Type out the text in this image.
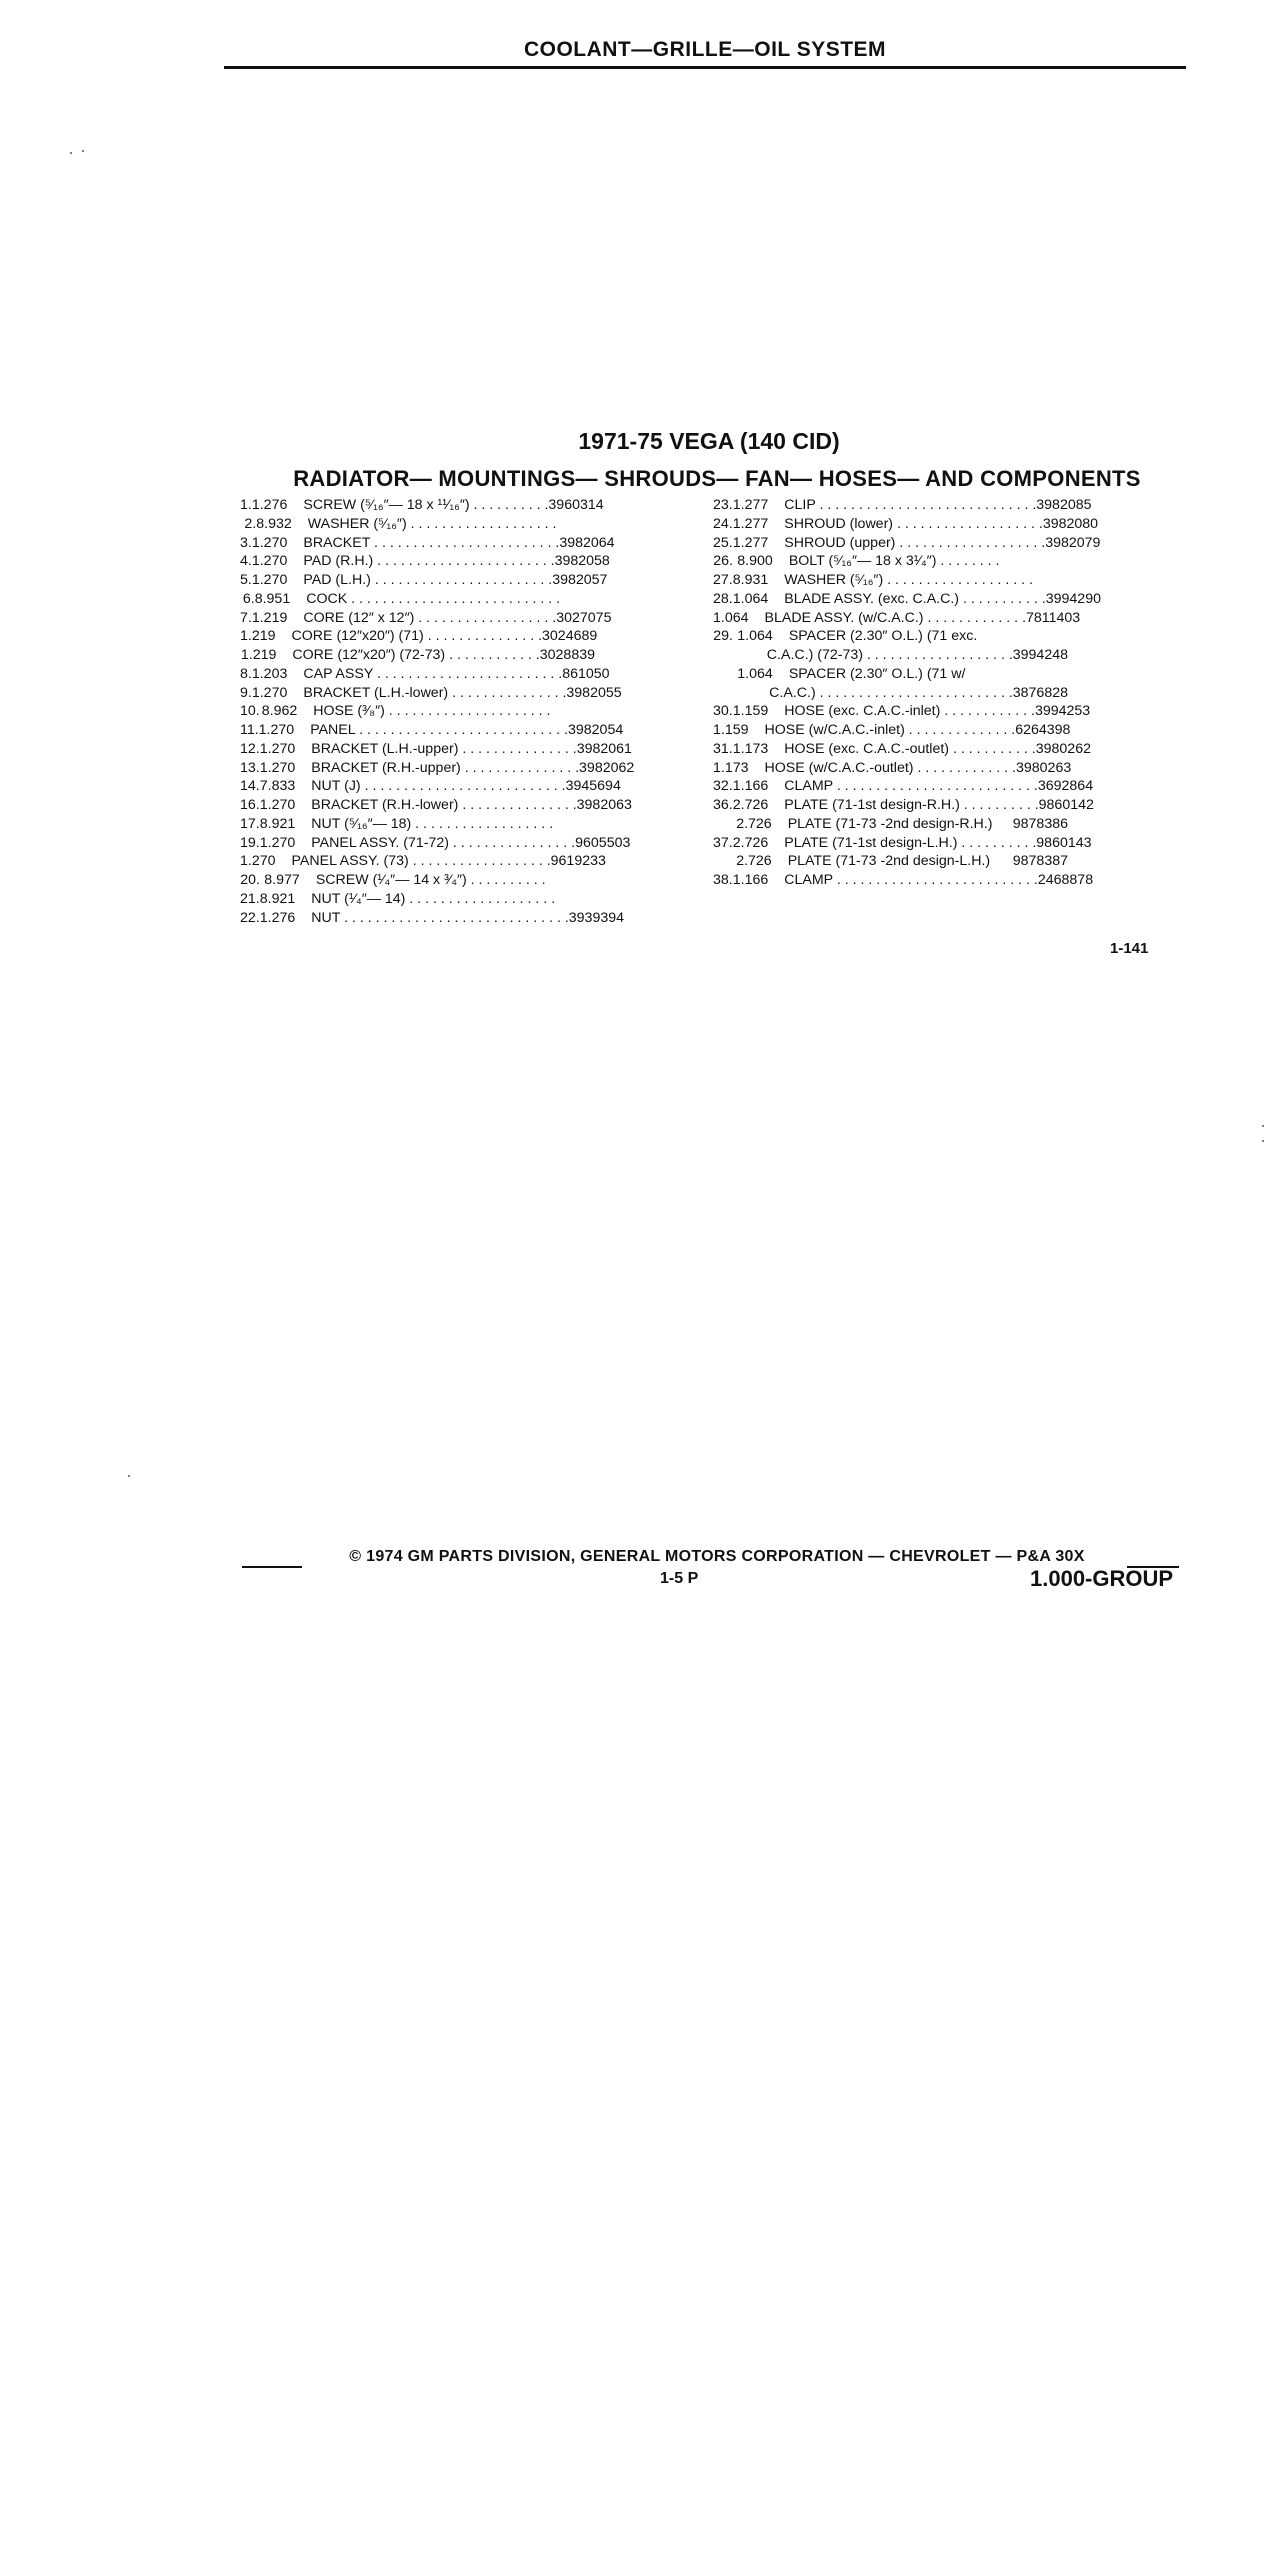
COOLANT—GRILLE—OIL SYSTEM
1971-75 VEGA (140 CID)
RADIATOR— MOUNTINGS— SHROUDS— FAN— HOSES— AND COMPONENTS
1. 1.276 SCREW (⁵⁄₁₆″— 18 x ¹¹⁄₁₆″) . . . . . . . . . . 3960314
2. 8.932 WASHER (⁵⁄₁₆″) . . . . . . . . . . . . . . . . . . .
3. 1.270 BRACKET . . . . . . . . . . . . . . . . . . . . . . . . 3982064
4. 1.270 PAD (R.H.) . . . . . . . . . . . . . . . . . . . . . . . 3982058
5. 1.270 PAD (L.H.) . . . . . . . . . . . . . . . . . . . . . . . 3982057
6. 8.951 COCK . . . . . . . . . . . . . . . . . . . . . . . . . . .
7. 1.219 CORE (12″ x 12″) . . . . . . . . . . . . . . . . . . 3027075
1.219 CORE (12″x20″) (71) . . . . . . . . . . . . . . . 3024689
1.219 CORE (12″x20″) (72-73) . . . . . . . . . . . . 3028839
8. 1.203 CAP ASSY . . . . . . . . . . . . . . . . . . . . . . . . 861050
9. 1.270 BRACKET (L.H.-lower) . . . . . . . . . . . . . . . 3982055
10. 8.962 HOSE (³⁄₈″) . . . . . . . . . . . . . . . . . . . . .
11. 1.270 PANEL . . . . . . . . . . . . . . . . . . . . . . . . . . . 3982054
12. 1.270 BRACKET (L.H.-upper) . . . . . . . . . . . . . . . 3982061
13. 1.270 BRACKET (R.H.-upper) . . . . . . . . . . . . . . . 3982062
14. 7.833 NUT (J) . . . . . . . . . . . . . . . . . . . . . . . . . . 3945694
16. 1.270 BRACKET (R.H.-lower) . . . . . . . . . . . . . . . 3982063
17. 8.921 NUT (⁵⁄₁₆″— 18) . . . . . . . . . . . . . . . . . .
19. 1.270 PANEL ASSY. (71-72) . . . . . . . . . . . . . . . . 9605503
1.270 PANEL ASSY. (73) . . . . . . . . . . . . . . . . . . 9619233
20. 8.977 SCREW (¹⁄₄″— 14 x ³⁄₄″) . . . . . . . . . .
21. 8.921 NUT (¹⁄₄″— 14) . . . . . . . . . . . . . . . . . . .
22. 1.276 NUT . . . . . . . . . . . . . . . . . . . . . . . . . . . . . 3939394
23. 1.277 CLIP . . . . . . . . . . . . . . . . . . . . . . . . . . . . 3982085
24. 1.277 SHROUD (lower) . . . . . . . . . . . . . . . . . . . 3982080
25. 1.277 SHROUD (upper) . . . . . . . . . . . . . . . . . . . 3982079
26. 8.900 BOLT (⁵⁄₁₆″— 18 x 3¹⁄₄″) . . . . . . . .
27. 8.931 WASHER (⁵⁄₁₆″) . . . . . . . . . . . . . . . . . . .
28. 1.064 BLADE ASSY. (exc. C.A.C.) . . . . . . . . . . . 3994290
1.064 BLADE ASSY. (w/C.A.C.) . . . . . . . . . . . . . 7811403
29. 1.064 SPACER (2.30″ O.L.) (71 exc.
C.A.C.) (72-73) . . . . . . . . . . . . . . . . . . . 3994248
1.064 SPACER (2.30″ O.L.) (71 w/
C.A.C.) . . . . . . . . . . . . . . . . . . . . . . . . . 3876828
30. 1.159 HOSE (exc. C.A.C.-inlet) . . . . . . . . . . . . 3994253
1.159 HOSE (w/C.A.C.-inlet) . . . . . . . . . . . . . . 6264398
31. 1.173 HOSE (exc. C.A.C.-outlet) . . . . . . . . . . . 3980262
1.173 HOSE (w/C.A.C.-outlet) . . . . . . . . . . . . . 3980263
32. 1.166 CLAMP . . . . . . . . . . . . . . . . . . . . . . . . . . 3692864
36. 2.726 PLATE (71-1st design-R.H.) . . . . . . . . . . 9860142
2.726 PLATE (71-73 -2nd design-R.H.)	9878386
37. 2.726 PLATE (71-1st design-L.H.) . . . . . . . . . . 9860143
2.726 PLATE (71-73 -2nd design-L.H.)	9878387
38. 1.166 CLAMP . . . . . . . . . . . . . . . . . . . . . . . . . . 2468878
1-141
© 1974 GM PARTS DIVISION, GENERAL MOTORS CORPORATION — CHEVROLET — P&A 30X
1-5 P	1.000-GROUP
